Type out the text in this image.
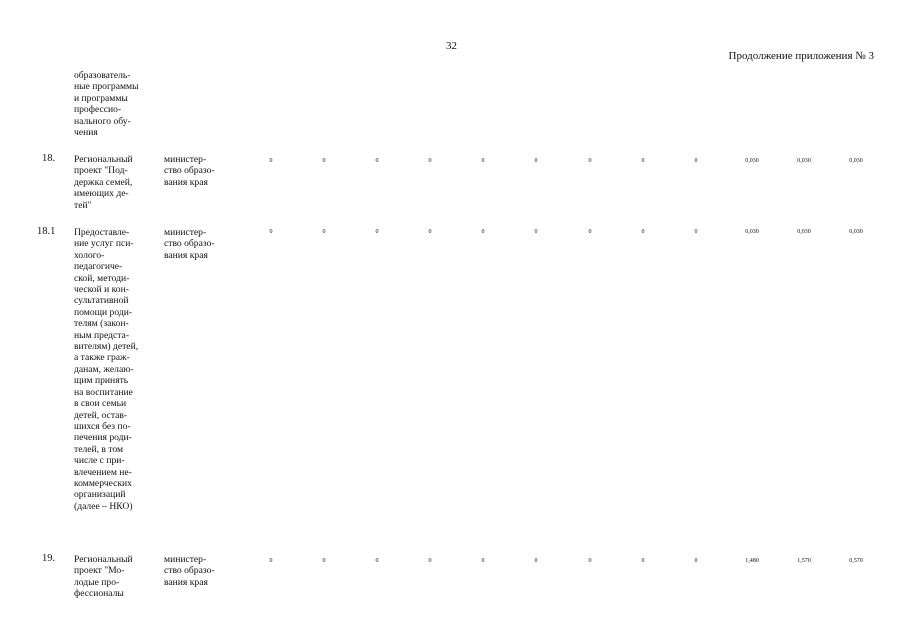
32
Продолжение приложения № 3
образователь-
ные программы
и программы
профессио-
нального обу-
чения
18. Региональный
проект "Под-
держка семей,
имеющих де-
тей"
министер-
ство образо-
вания края
0	0	0	0	0	0	0	0	0	0,030	0,030	0,030
18.1 Предоставле-
ние услуг пси-
холого-
педагогиче-
ской, методи-
ческой и кон-
сультативной
помощи роди-
телям (закон-
ным предста-
вителям) детей,
а также граж-
данам, желаю-
щим принять
на воспитание
в свои семьи
детей, остав-
шихся без по-
печения роди-
телей, в том
числе с при-
влечением не-
коммерческих
организаций
(далее – НКО)
министер-
ство образо-
вания края
0	0	0	0	0	0	0	0	0	0,030	0,030	0,030
19. Региональный
проект "Мо-
лодые про-
фессионалы
министер-
ство образо-
вания края
0	0	0	0	0	0	0	0	0	1,480	1,570	0,570
